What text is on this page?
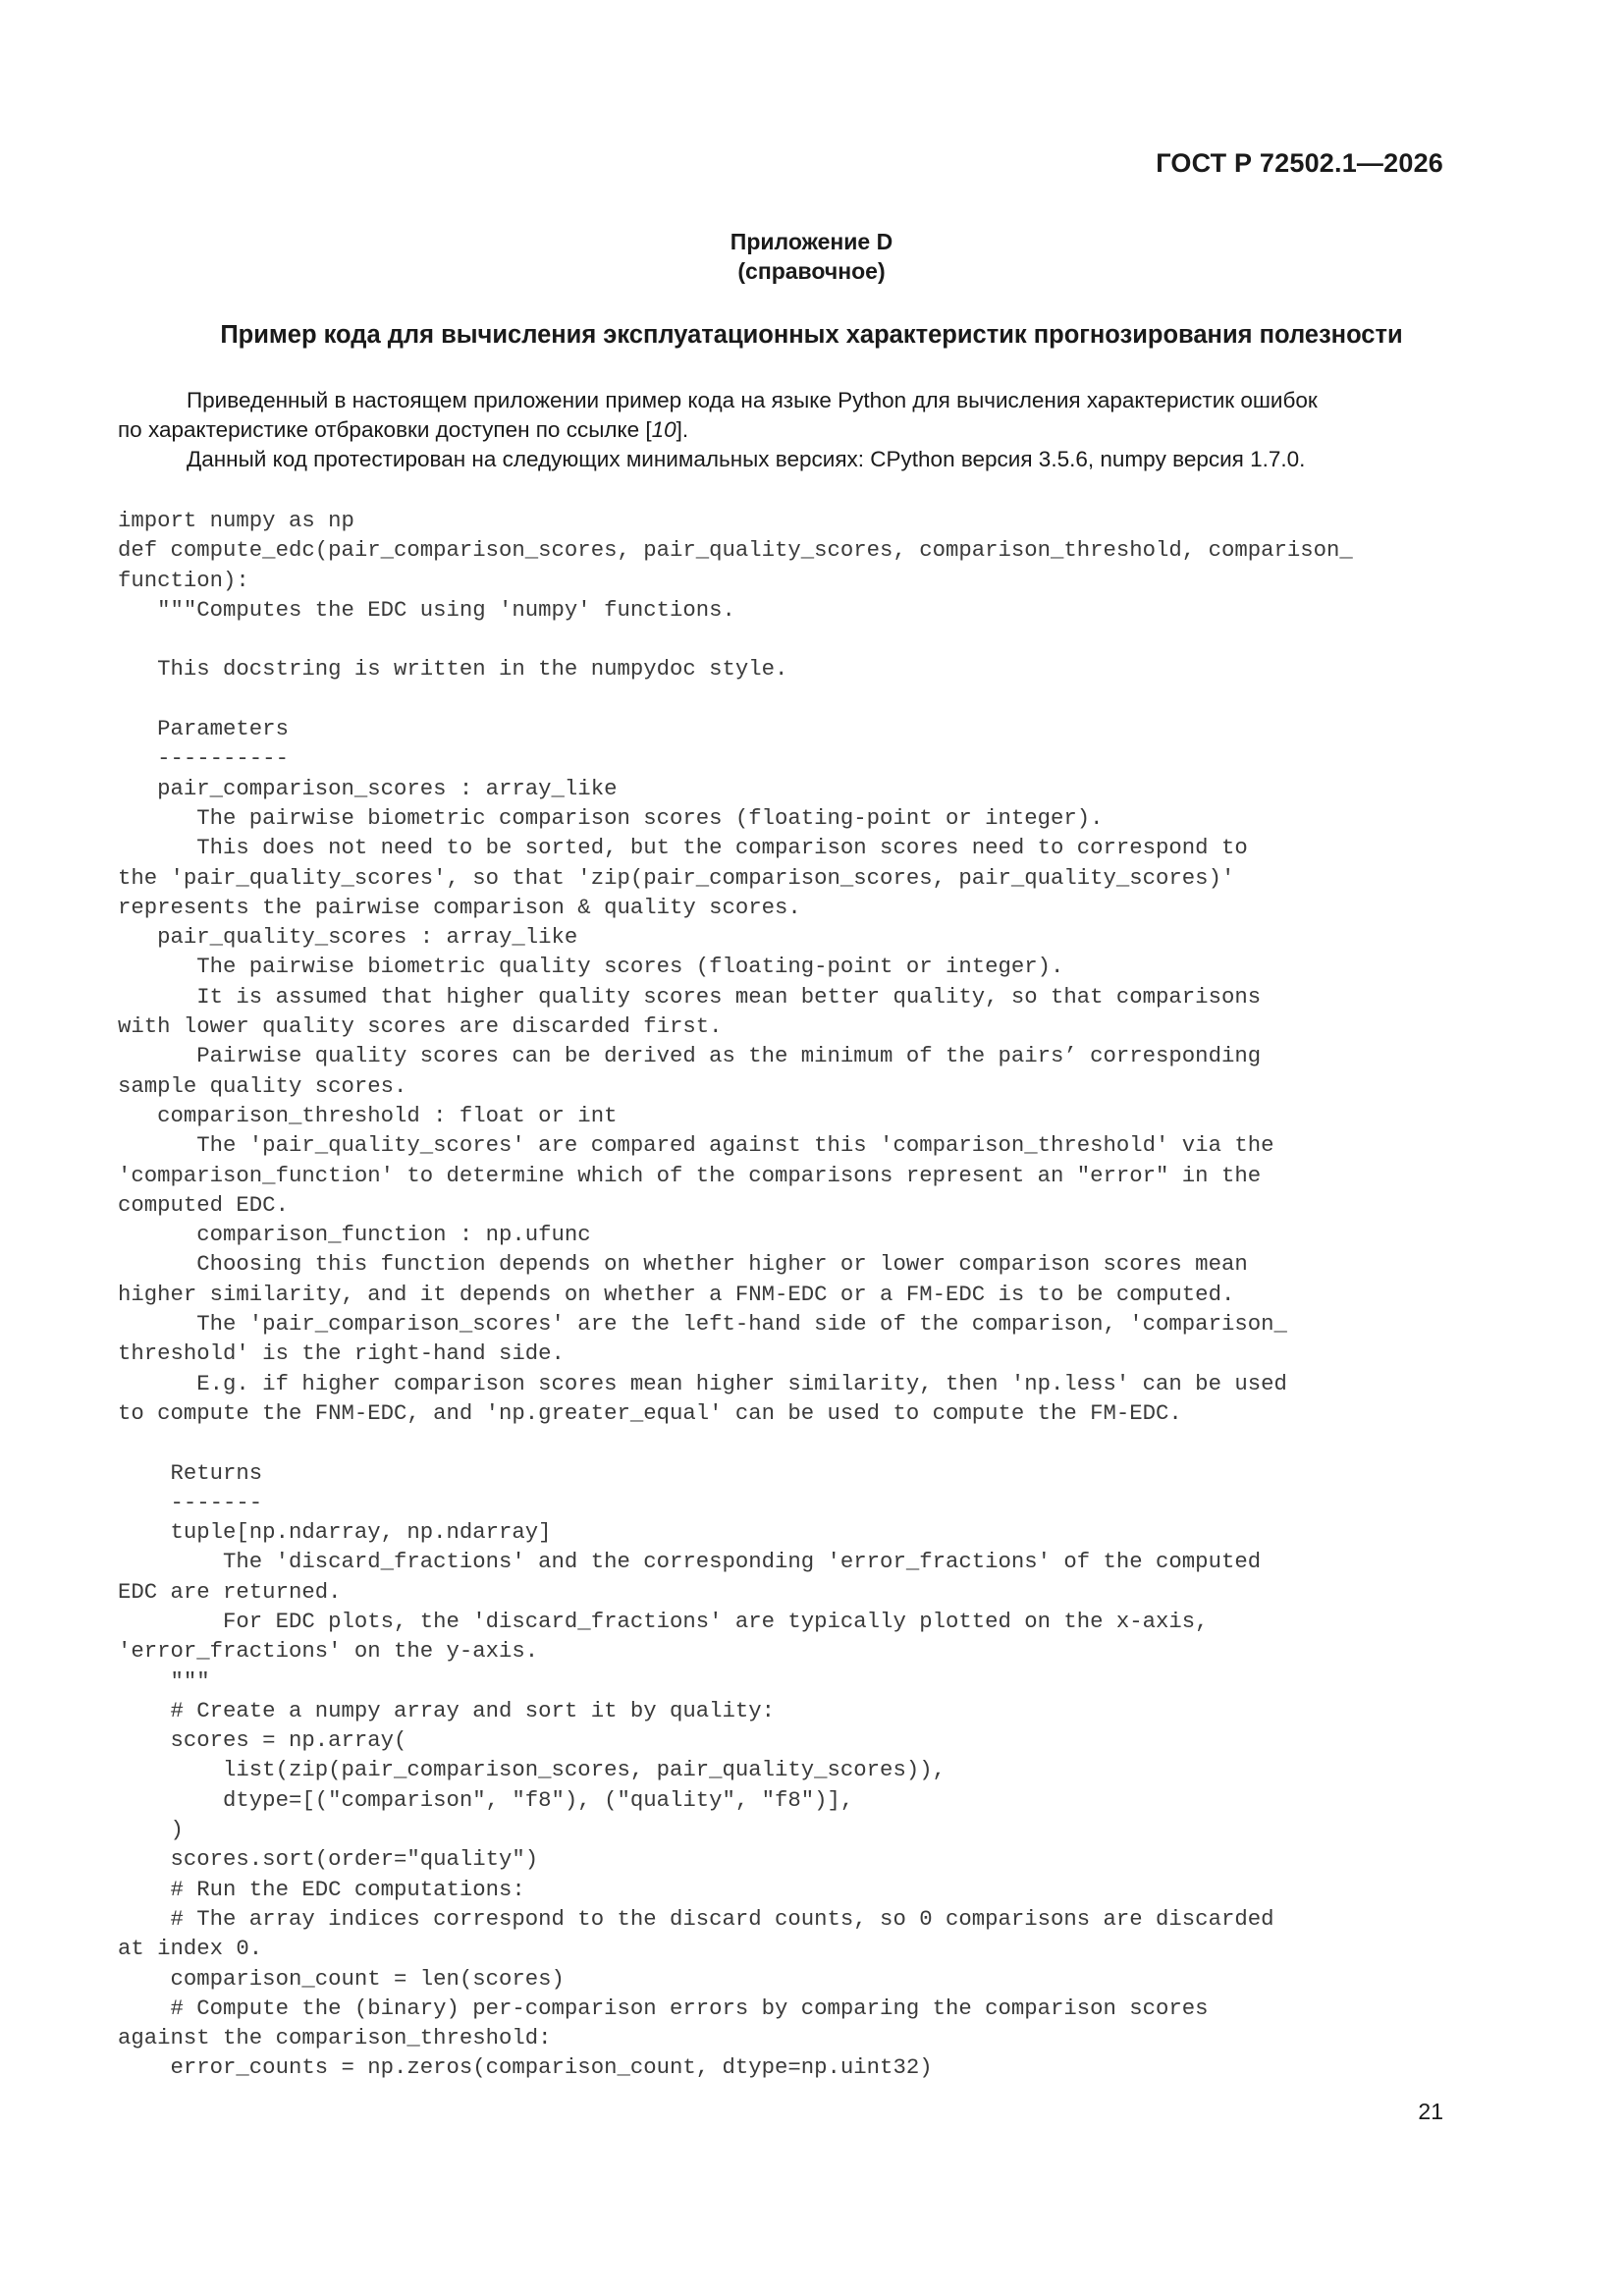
ГОСТ Р 72502.1—2026
Приложение D
(справочное)
Пример кода для вычисления эксплуатационных характеристик прогнозирования полезности

Приведенный в настоящем приложении пример кода на языке Python для вычисления характеристик ошибок

по характеристике отбраковки доступен по ссылке [10].

Данный код протестирован на следующих минимальных версиях: CPython версия 3.5.6, numpy версия 1.7.0.

import numpy as np
def compute_edc(pair_comparison_scores, pair_quality_scores, comparison_threshold, comparison_
function):
"""Computes the EDC using 'numpy' functions.

This docstring is written in the numpydoc style.

Parameters
----------
pair_comparison_scores : array_like
The pairwise biometric comparison scores (floating-point or integer).
This does not need to be sorted, but the comparison scores need to correspond to
the 'pair_quality_scores', so that 'zip(pair_comparison_scores, pair_quality_scores)'
represents the pairwise comparison & quality scores.
pair_quality_scores : array_like
The pairwise biometric quality scores (floating-point or integer).
It is assumed that higher quality scores mean better quality, so that comparisons
with lower quality scores are discarded first.
Pairwise quality scores can be derived as the minimum of the pairs’ corresponding
sample quality scores.
comparison_threshold : float or int
The 'pair_quality_scores' are compared against this 'comparison_threshold' via the
'comparison_function' to determine which of the comparisons represent an "error" in the
computed EDC.
comparison_function : np.ufunc
Choosing this function depends on whether higher or lower comparison scores mean
higher similarity, and it depends on whether a FNM-EDC or a FM-EDC is to be computed.
The 'pair_comparison_scores' are the left-hand side of the comparison, 'comparison_
threshold' is the right-hand side.
E.g. if higher comparison scores mean higher similarity, then 'np.less' can be used
to compute the FNM-EDC, and 'np.greater_equal' can be used to compute the FM-EDC.

Returns
-------
tuple[np.ndarray, np.ndarray]
The 'discard_fractions' and the corresponding 'error_fractions' of the computed
EDC are returned.
For EDC plots, the 'discard_fractions' are typically plotted on the x-axis,
'error_fractions' on the y-axis.
"""
# Create a numpy array and sort it by quality:
scores = np.array(
list(zip(pair_comparison_scores, pair_quality_scores)),
dtype=[("comparison", "f8"), ("quality", "f8")],
)
scores.sort(order="quality")
# Run the EDC computations:
# The array indices correspond to the discard counts, so 0 comparisons are discarded
at index 0.
comparison_count = len(scores)
# Compute the (binary) per-comparison errors by comparing the comparison scores
against the comparison_threshold:
error_counts = np.zeros(comparison_count, dtype=np.uint32)
21
